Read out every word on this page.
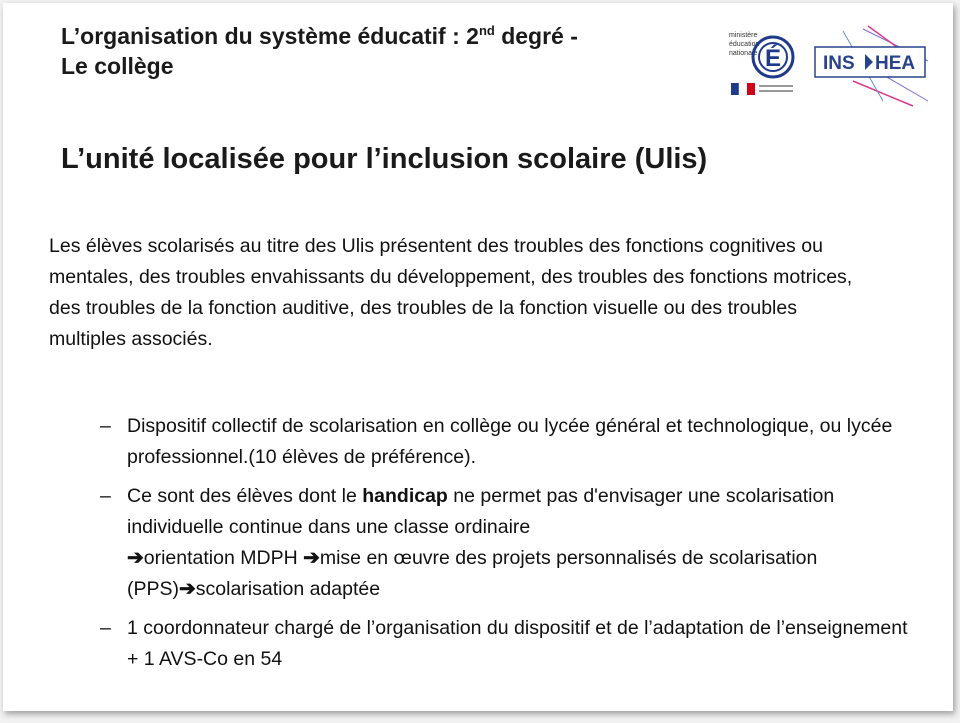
L’organisation du système éducatif : 2nd degré -
Le collège
ministère
éducation
nationale É INS HEA
L’unité localisée pour l’inclusion scolaire (Ulis)
Les élèves scolarisés au titre des Ulis présentent des troubles des fonctions cognitives ou mentales, des troubles envahissants du développement, des troubles des fonctions motrices, des troubles de la fonction auditive, des troubles de la fonction visuelle ou des troubles multiples associés.
– Dispositif collectif de scolarisation en collège ou lycée général et technologique, ou lycée professionnel.(10 élèves de préférence).
– Ce sont des élèves dont le handicap ne permet pas d'envisager une scolarisation individuelle continue dans une classe ordinaire
➔orientation MDPH ➔mise en œuvre des projets personnalisés de scolarisation (PPS)➔scolarisation adaptée
– 1 coordonnateur chargé de l’organisation du dispositif et de l’adaptation de l’enseignement + 1 AVS-Co en 54
